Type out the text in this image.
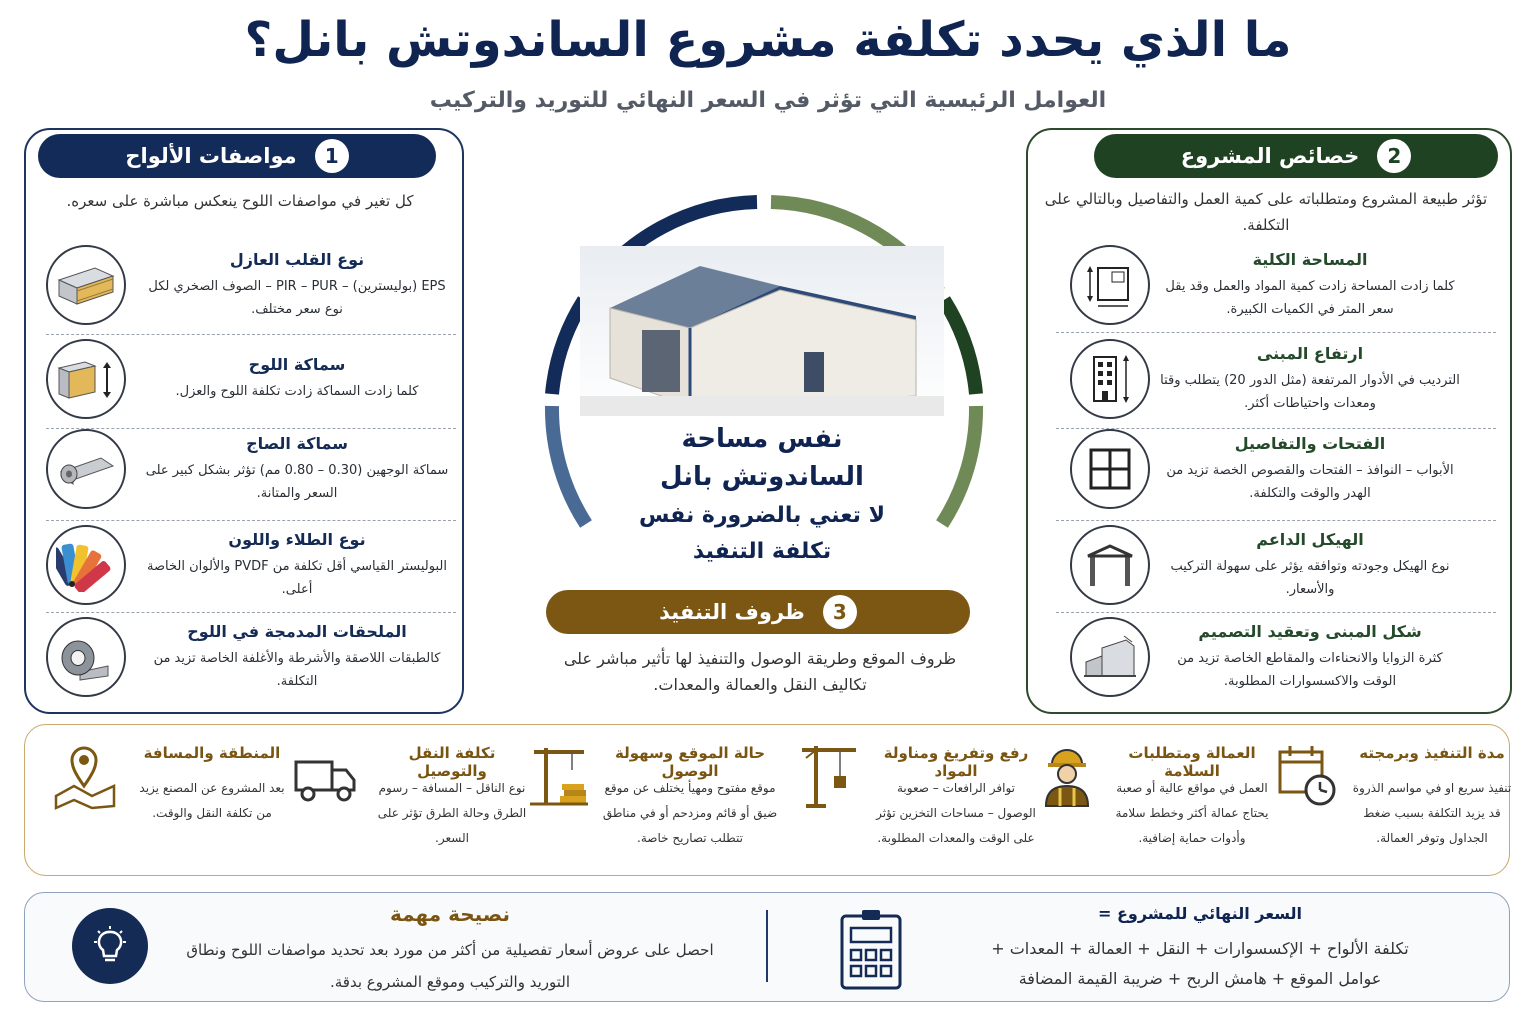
ما الذي يحدد تكلفة مشروع الساندوتش بانل؟
العوامل الرئيسية التي تؤثر في السعر النهائي للتوريد والتركيب
1
مواصفات الألواح	2
خصائص المشروع
كل تغير في مواصفات اللوح ينعكس مباشرة على سعره.	تؤثر طبيعة المشروع ومتطلباته على كمية العمل والتفاصيل وبالتالي على التكلفة.
نوع القلب العازل
EPS (بوليسترين) – PIR – PUR – الصوف الصخري لكل نوع سعر مختلف.
سماكة اللوح
كلما زادت السماكة زادت تكلفة اللوح والعزل.
سماكة الصاج
سماكة الوجهين (0.30 – 0.80 مم) تؤثر بشكل كبير على السعر والمتانة.
نوع الطلاء واللون
البوليستر القياسي أقل تكلفة من PVDF والألوان الخاصة أعلى.
الملحقات المدمجة في اللوح
كالطبقات اللاصقة والأشرطة والأغلفة الخاصة تزيد من التكلفة.
المساحة الكلية
كلما زادت المساحة زادت كمية المواد والعمل وقد يقل سعر المتر في الكميات الكبيرة.
ارتفاع المبنى
الترديب في الأدوار المرتفعة (مثل الدور 20) يتطلب وقتا ومعدات واحتياطات أكثر.
الفتحات والتفاصيل
الأبواب – النوافذ – الفتحات والقصوص الخصة تزيد من الهدر والوقت والتكلفة.
الهيكل الداعم
نوع الهيكل وجودته وتوافقه يؤثر على سهولة التركيب والأسعار.
شكل المبنى وتعقيد التصميم
كثرة الزوايا والانحناءات والمقاطع الخاصة تزيد من الوقت والاكسسوارات المطلوبة.
نفس مساحة
الساندوتش بانل
لا تعني بالضرورة نفس
تكلفة التنفيذ
3
ظروف التنفيذ
ظروف الموقع وطريقة الوصول والتنفيذ لها تأثير مباشر على تكاليف النقل والعمالة والمعدات.
مدة التنفيذ وبرمجته
تنفيذ سريع او في مواسم الذروة قد يزيد التكلفة بسبب ضغط الجداول وتوفر العمالة.
العمالة ومتطلبات السلامة
العمل في مواقع عالية أو صعبة يحتاج عمالة أكثر وخطط سلامة وأدوات حماية إضافية.
رفع وتفريغ ومناولة المواد
توافر الرافعات – صعوبة الوصول – مساحات التخزين تؤثر على الوقت والمعدات المطلوبة.
حالة الموقع وسهولة الوصول
موقع مفتوح ومهيأ يختلف عن موقع ضيق أو قائم ومزدحم أو في مناطق تتطلب تصاريح خاصة.
تكلفة النقل والتوصيل
نوع الناقل – المسافة – رسوم الطرق وحالة الطرق تؤثر على السعر.
المنطقة والمسافة
بعد المشروع عن المصنع يزيد من تكلفة النقل والوقت.
نصيحة مهمة
احصل على عروض أسعار تفصيلية من أكثر من مورد بعد تحديد مواصفات اللوح ونطاق التوريد والتركيب وموقع المشروع بدقة.
السعر النهائي للمشروع =
تكلفة الألواح + الإكسسوارات + النقل + العمالة + المعدات +
عوامل الموقع + هامش الربح + ضريبة القيمة المضافة
